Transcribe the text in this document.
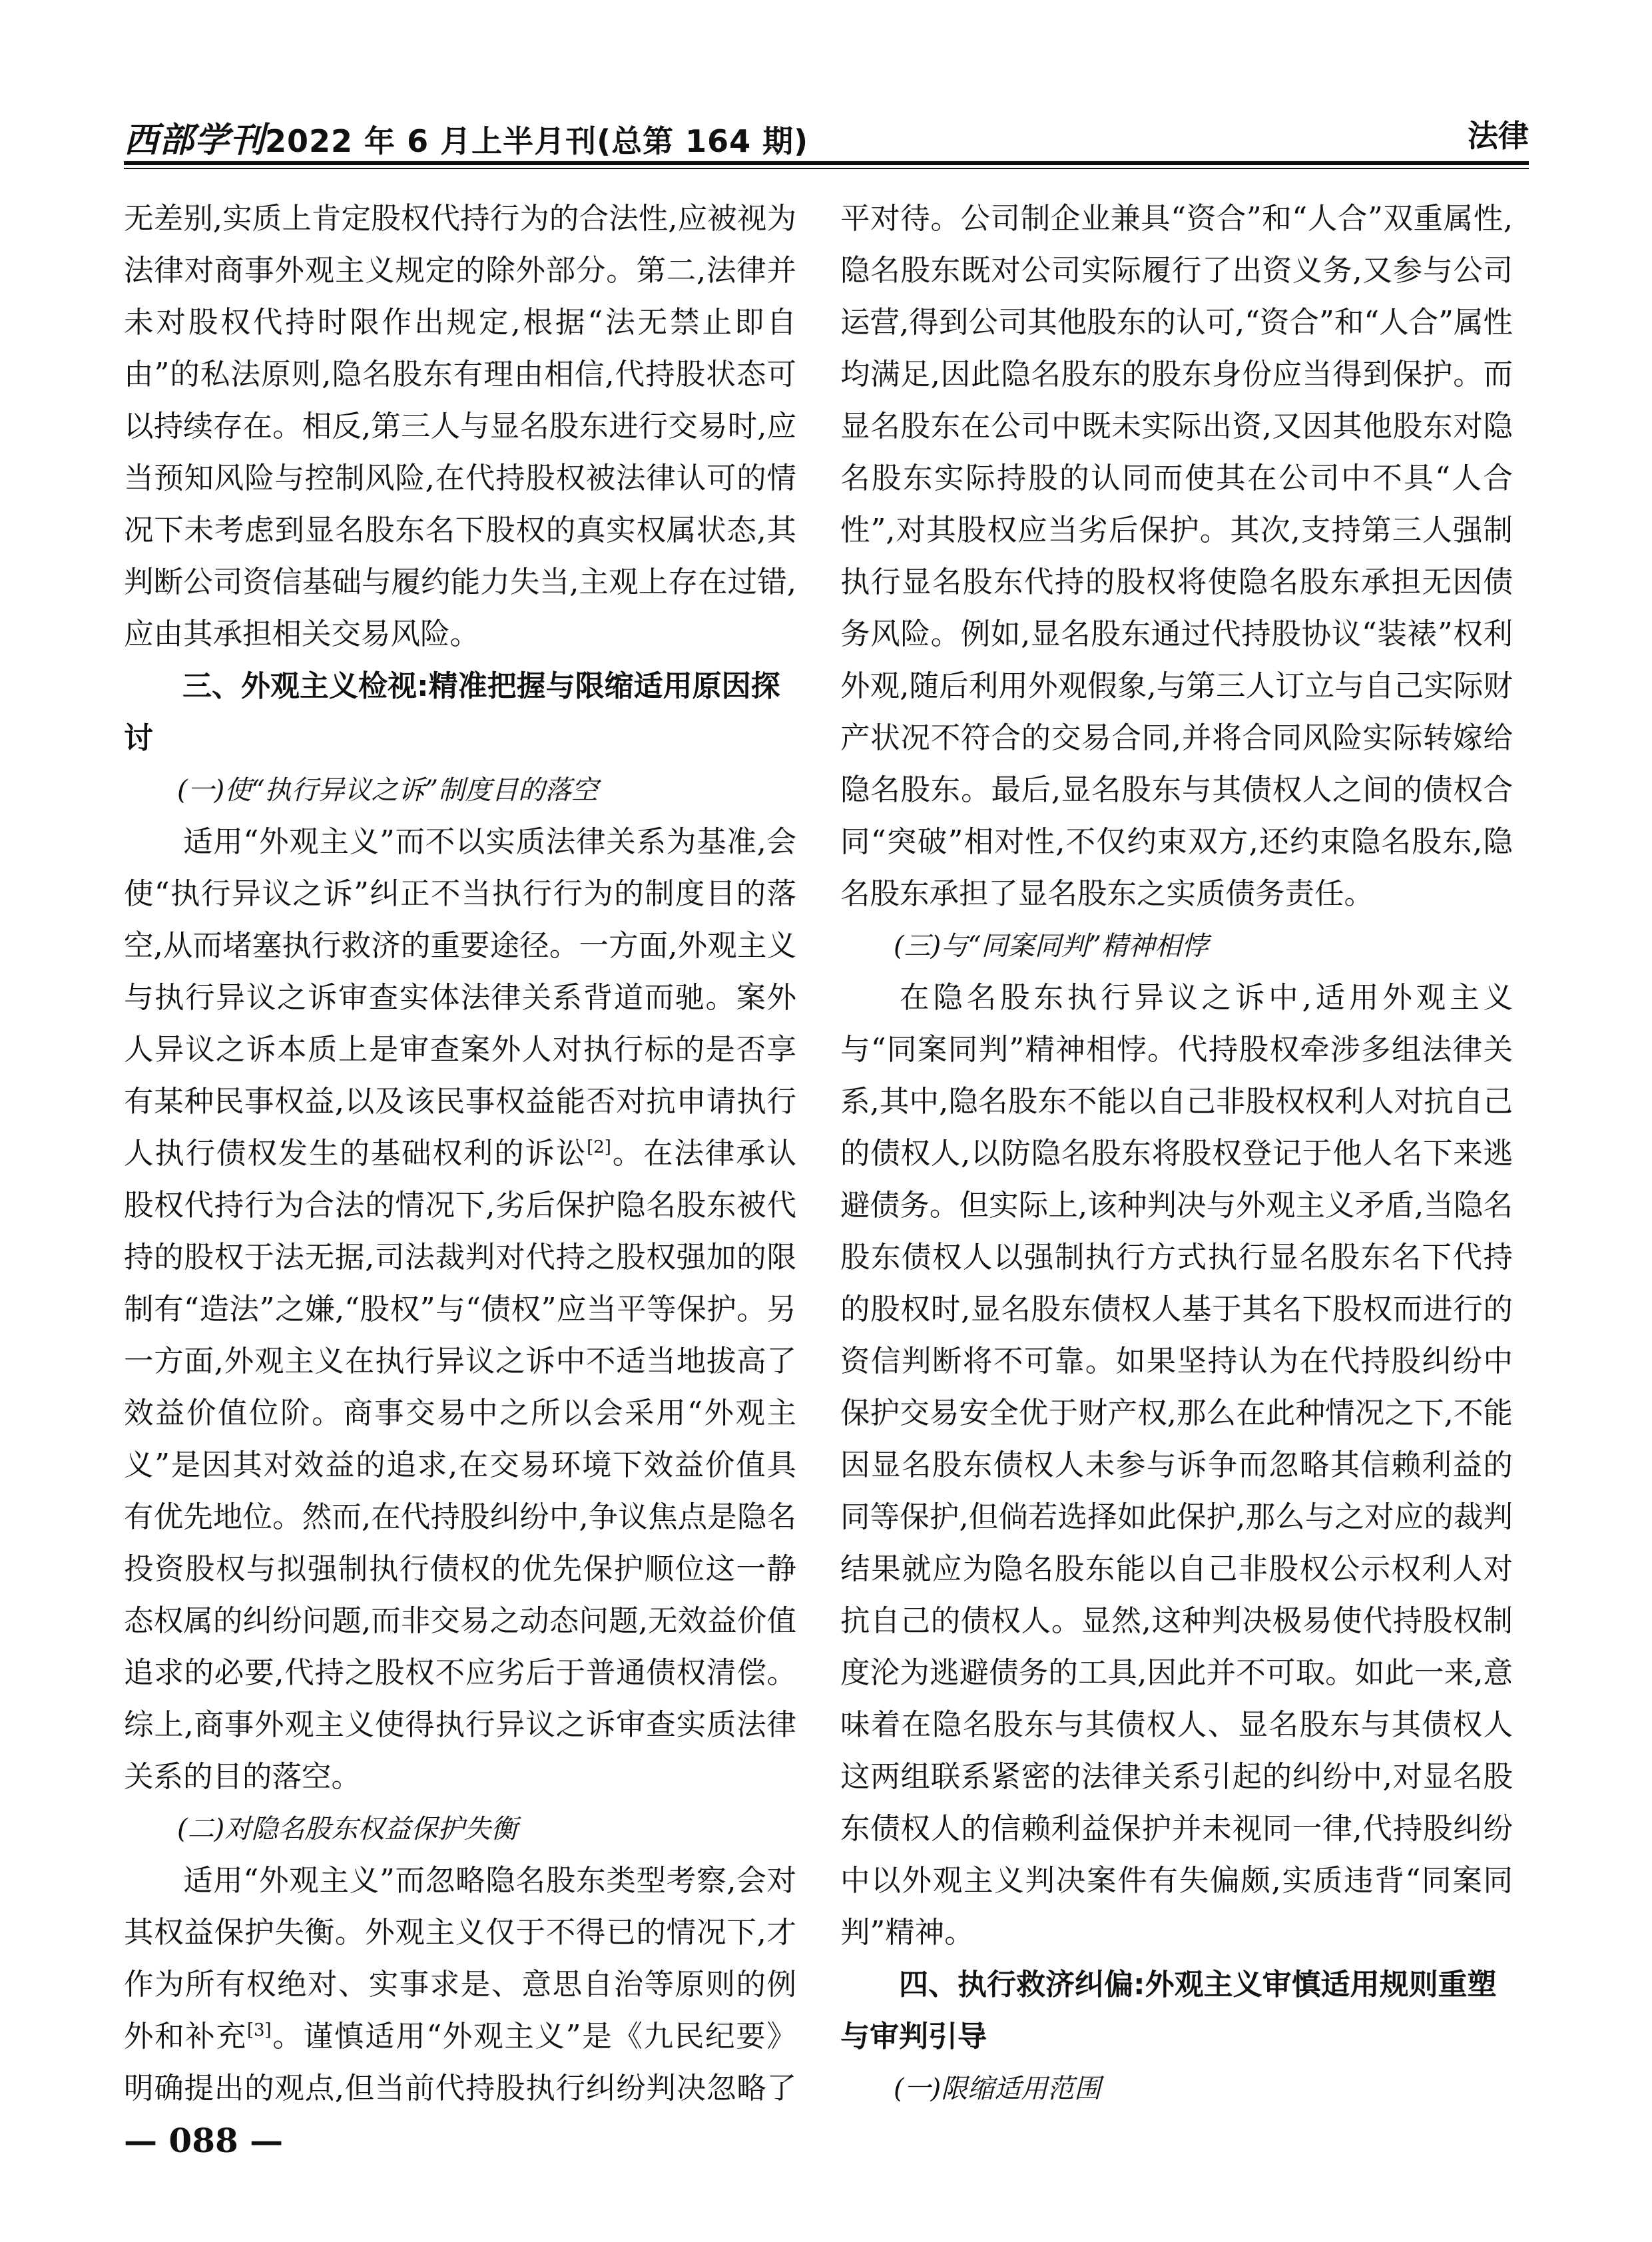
西部学刊2022 年 6 月上半月刊(总第 164 期)	法律

无差别,实质上肯定股权代持行为的合法性,应被视为法律对商事外观主义规定的除外部分。第二,法律并未对股权代持时限作出规定,根据“法无禁止即自由”的私法原则,隐名股东有理由相信,代持股状态可以持续存在。相反,第三人与显名股东进行交易时,应当预知风险与控制风险,在代持股权被法律认可的情况下未考虑到显名股东名下股权的真实权属状态,其判断公司资信基础与履约能力失当,主观上存在过错,应由其承担相关交易风险。

三、外观主义检视:精准把握与限缩适用原因探讨

(一)使“执行异议之诉”制度目的落空

适用“外观主义”而不以实质法律关系为基准,会使“执行异议之诉”纠正不当执行行为的制度目的落空,从而堵塞执行救济的重要途径。一方面,外观主义与执行异议之诉审查实体法律关系背道而驰。案外人异议之诉本质上是审查案外人对执行标的是否享有某种民事权益,以及该民事权益能否对抗申请执行人执行债权发生的基础权利的诉讼[2]。在法律承认股权代持行为合法的情况下,劣后保护隐名股东被代持的股权于法无据,司法裁判对代持之股权强加的限制有“造法”之嫌,“股权”与“债权”应当平等保护。另一方面,外观主义在执行异议之诉中不适当地拔高了效益价值位阶。商事交易中之所以会采用“外观主义”是因其对效益的追求,在交易环境下效益价值具有优先地位。然而,在代持股纠纷中,争议焦点是隐名投资股权与拟强制执行债权的优先保护顺位这一静态权属的纠纷问题,而非交易之动态问题,无效益价值追求的必要,代持之股权不应劣后于普通债权清偿。综上,商事外观主义使得执行异议之诉审查实质法律关系的目的落空。

(二)对隐名股东权益保护失衡

适用“外观主义”而忽略隐名股东类型考察,会对其权益保护失衡。外观主义仅于不得已的情况下,才作为所有权绝对、实事求是、意思自治等原则的例外和补充[3]。谨慎适用“外观主义”是《九民纪要》明确提出的观点,但当前代持股执行纠纷判决忽略了

平对待。公司制企业兼具“资合”和“人合”双重属性,隐名股东既对公司实际履行了出资义务,又参与公司运营,得到公司其他股东的认可,“资合”和“人合”属性均满足,因此隐名股东的股东身份应当得到保护。而显名股东在公司中既未实际出资,又因其他股东对隐名股东实际持股的认同而使其在公司中不具“人合性”,对其股权应当劣后保护。其次,支持第三人强制执行显名股东代持的股权将使隐名股东承担无因债务风险。例如,显名股东通过代持股协议“装裱”权利外观,随后利用外观假象,与第三人订立与自己实际财产状况不符合的交易合同,并将合同风险实际转嫁给隐名股东。最后,显名股东与其债权人之间的债权合同“突破”相对性,不仅约束双方,还约束隐名股东,隐名股东承担了显名股东之实质债务责任。

(三)与“同案同判”精神相悖

在隐名股东执行异议之诉中,适用外观主义与“同案同判”精神相悖。代持股权牵涉多组法律关系,其中,隐名股东不能以自己非股权权利人对抗自己的债权人,以防隐名股东将股权登记于他人名下来逃避债务。但实际上,该种判决与外观主义矛盾,当隐名股东债权人以强制执行方式执行显名股东名下代持的股权时,显名股东债权人基于其名下股权而进行的资信判断将不可靠。如果坚持认为在代持股纠纷中保护交易安全优于财产权,那么在此种情况之下,不能因显名股东债权人未参与诉争而忽略其信赖利益的同等保护,但倘若选择如此保护,那么与之对应的裁判结果就应为隐名股东能以自己非股权公示权利人对抗自己的债权人。显然,这种判决极易使代持股权制度沦为逃避债务的工具,因此并不可取。如此一来,意味着在隐名股东与其债权人、显名股东与其债权人这两组联系紧密的法律关系引起的纠纷中,对显名股东债权人的信赖利益保护并未视同一律,代持股纠纷中以外观主义判决案件有失偏颇,实质违背“同案同判”精神。

四、执行救济纠偏:外观主义审慎适用规则重塑与审判引导

(一)限缩适用范围

— 088 —
